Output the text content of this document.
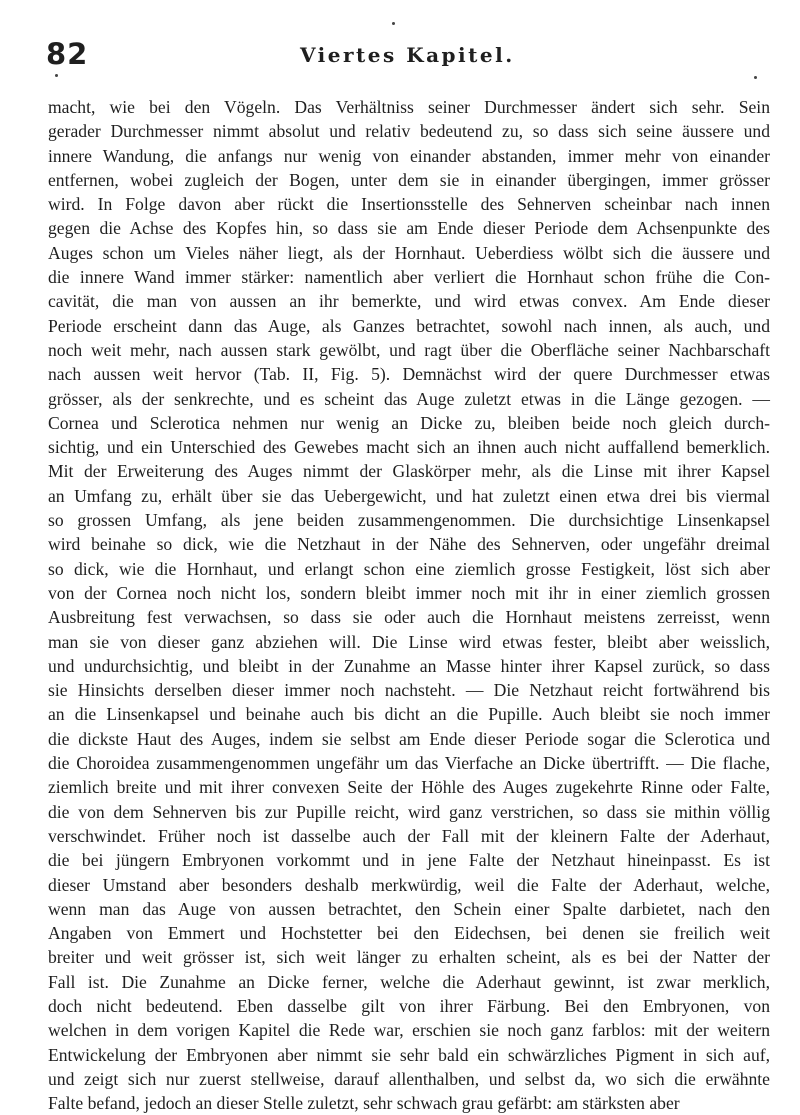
82	Viertes Kapitel.
macht, wie bei den Vögeln. Das Verhältniss seiner Durchmesser ändert sich sehr. Sein
gerader Durchmesser nimmt absolut und relativ bedeutend zu, so dass sich seine äussere und
innere Wandung, die anfangs nur wenig von einander abstanden, immer mehr von einander
entfernen, wobei zugleich der Bogen, unter dem sie in einander übergingen, immer grösser
wird. In Folge davon aber rückt die Insertionsstelle des Sehnerven scheinbar nach innen
gegen die Achse des Kopfes hin, so dass sie am Ende dieser Periode dem Achsenpunkte des
Auges schon um Vieles näher liegt, als der Hornhaut. Ueberdiess wölbt sich die äussere und
die innere Wand immer stärker: namentlich aber verliert die Hornhaut schon frühe die Con-
cavität, die man von aussen an ihr bemerkte, und wird etwas convex. Am Ende dieser
Periode erscheint dann das Auge, als Ganzes betrachtet, sowohl nach innen, als auch, und
noch weit mehr, nach aussen stark gewölbt, und ragt über die Oberfläche seiner Nachbarschaft
nach aussen weit hervor (Tab. II, Fig. 5). Demnächst wird der quere Durchmesser etwas
grösser, als der senkrechte, und es scheint das Auge zuletzt etwas in die Länge gezogen. —
Cornea und Sclerotica nehmen nur wenig an Dicke zu, bleiben beide noch gleich durch-
sichtig, und ein Unterschied des Gewebes macht sich an ihnen auch nicht auffallend bemerklich.
Mit der Erweiterung des Auges nimmt der Glaskörper mehr, als die Linse mit ihrer Kapsel
an Umfang zu, erhält über sie das Uebergewicht, und hat zuletzt einen etwa drei bis viermal
so grossen Umfang, als jene beiden zusammengenommen. Die durchsichtige Linsenkapsel
wird beinahe so dick, wie die Netzhaut in der Nähe des Sehnerven, oder ungefähr dreimal
so dick, wie die Hornhaut, und erlangt schon eine ziemlich grosse Festigkeit, löst sich aber
von der Cornea noch nicht los, sondern bleibt immer noch mit ihr in einer ziemlich grossen
Ausbreitung fest verwachsen, so dass sie oder auch die Hornhaut meistens zerreisst, wenn
man sie von dieser ganz abziehen will. Die Linse wird etwas fester, bleibt aber weisslich,
und undurchsichtig, und bleibt in der Zunahme an Masse hinter ihrer Kapsel zurück, so dass
sie Hinsichts derselben dieser immer noch nachsteht. — Die Netzhaut reicht fortwährend bis
an die Linsenkapsel und beinahe auch bis dicht an die Pupille. Auch bleibt sie noch immer
die dickste Haut des Auges, indem sie selbst am Ende dieser Periode sogar die Sclerotica und
die Choroidea zusammengenommen ungefähr um das Vierfache an Dicke übertrifft. — Die flache,
ziemlich breite und mit ihrer convexen Seite der Höhle des Auges zugekehrte Rinne oder Falte,
die von dem Sehnerven bis zur Pupille reicht, wird ganz verstrichen, so dass sie mithin völlig
verschwindet. Früher noch ist dasselbe auch der Fall mit der kleinern Falte der Aderhaut,
die bei jüngern Embryonen vorkommt und in jene Falte der Netzhaut hineinpasst. Es ist
dieser Umstand aber besonders deshalb merkwürdig, weil die Falte der Aderhaut, welche,
wenn man das Auge von aussen betrachtet, den Schein einer Spalte darbietet, nach den
Angaben von Emmert und Hochstetter bei den Eidechsen, bei denen sie freilich weit
breiter und weit grösser ist, sich weit länger zu erhalten scheint, als es bei der Natter der
Fall ist. Die Zunahme an Dicke ferner, welche die Aderhaut gewinnt, ist zwar merklich,
doch nicht bedeutend. Eben dasselbe gilt von ihrer Färbung. Bei den Embryonen, von
welchen in dem vorigen Kapitel die Rede war, erschien sie noch ganz farblos: mit der weitern
Entwickelung der Embryonen aber nimmt sie sehr bald ein schwärzliches Pigment in sich auf,
und zeigt sich nur zuerst stellweise, darauf allenthalben, und selbst da, wo sich die erwähnte
Falte befand, jedoch an dieser Stelle zuletzt, sehr schwach grau gefärbt: am stärksten aber
